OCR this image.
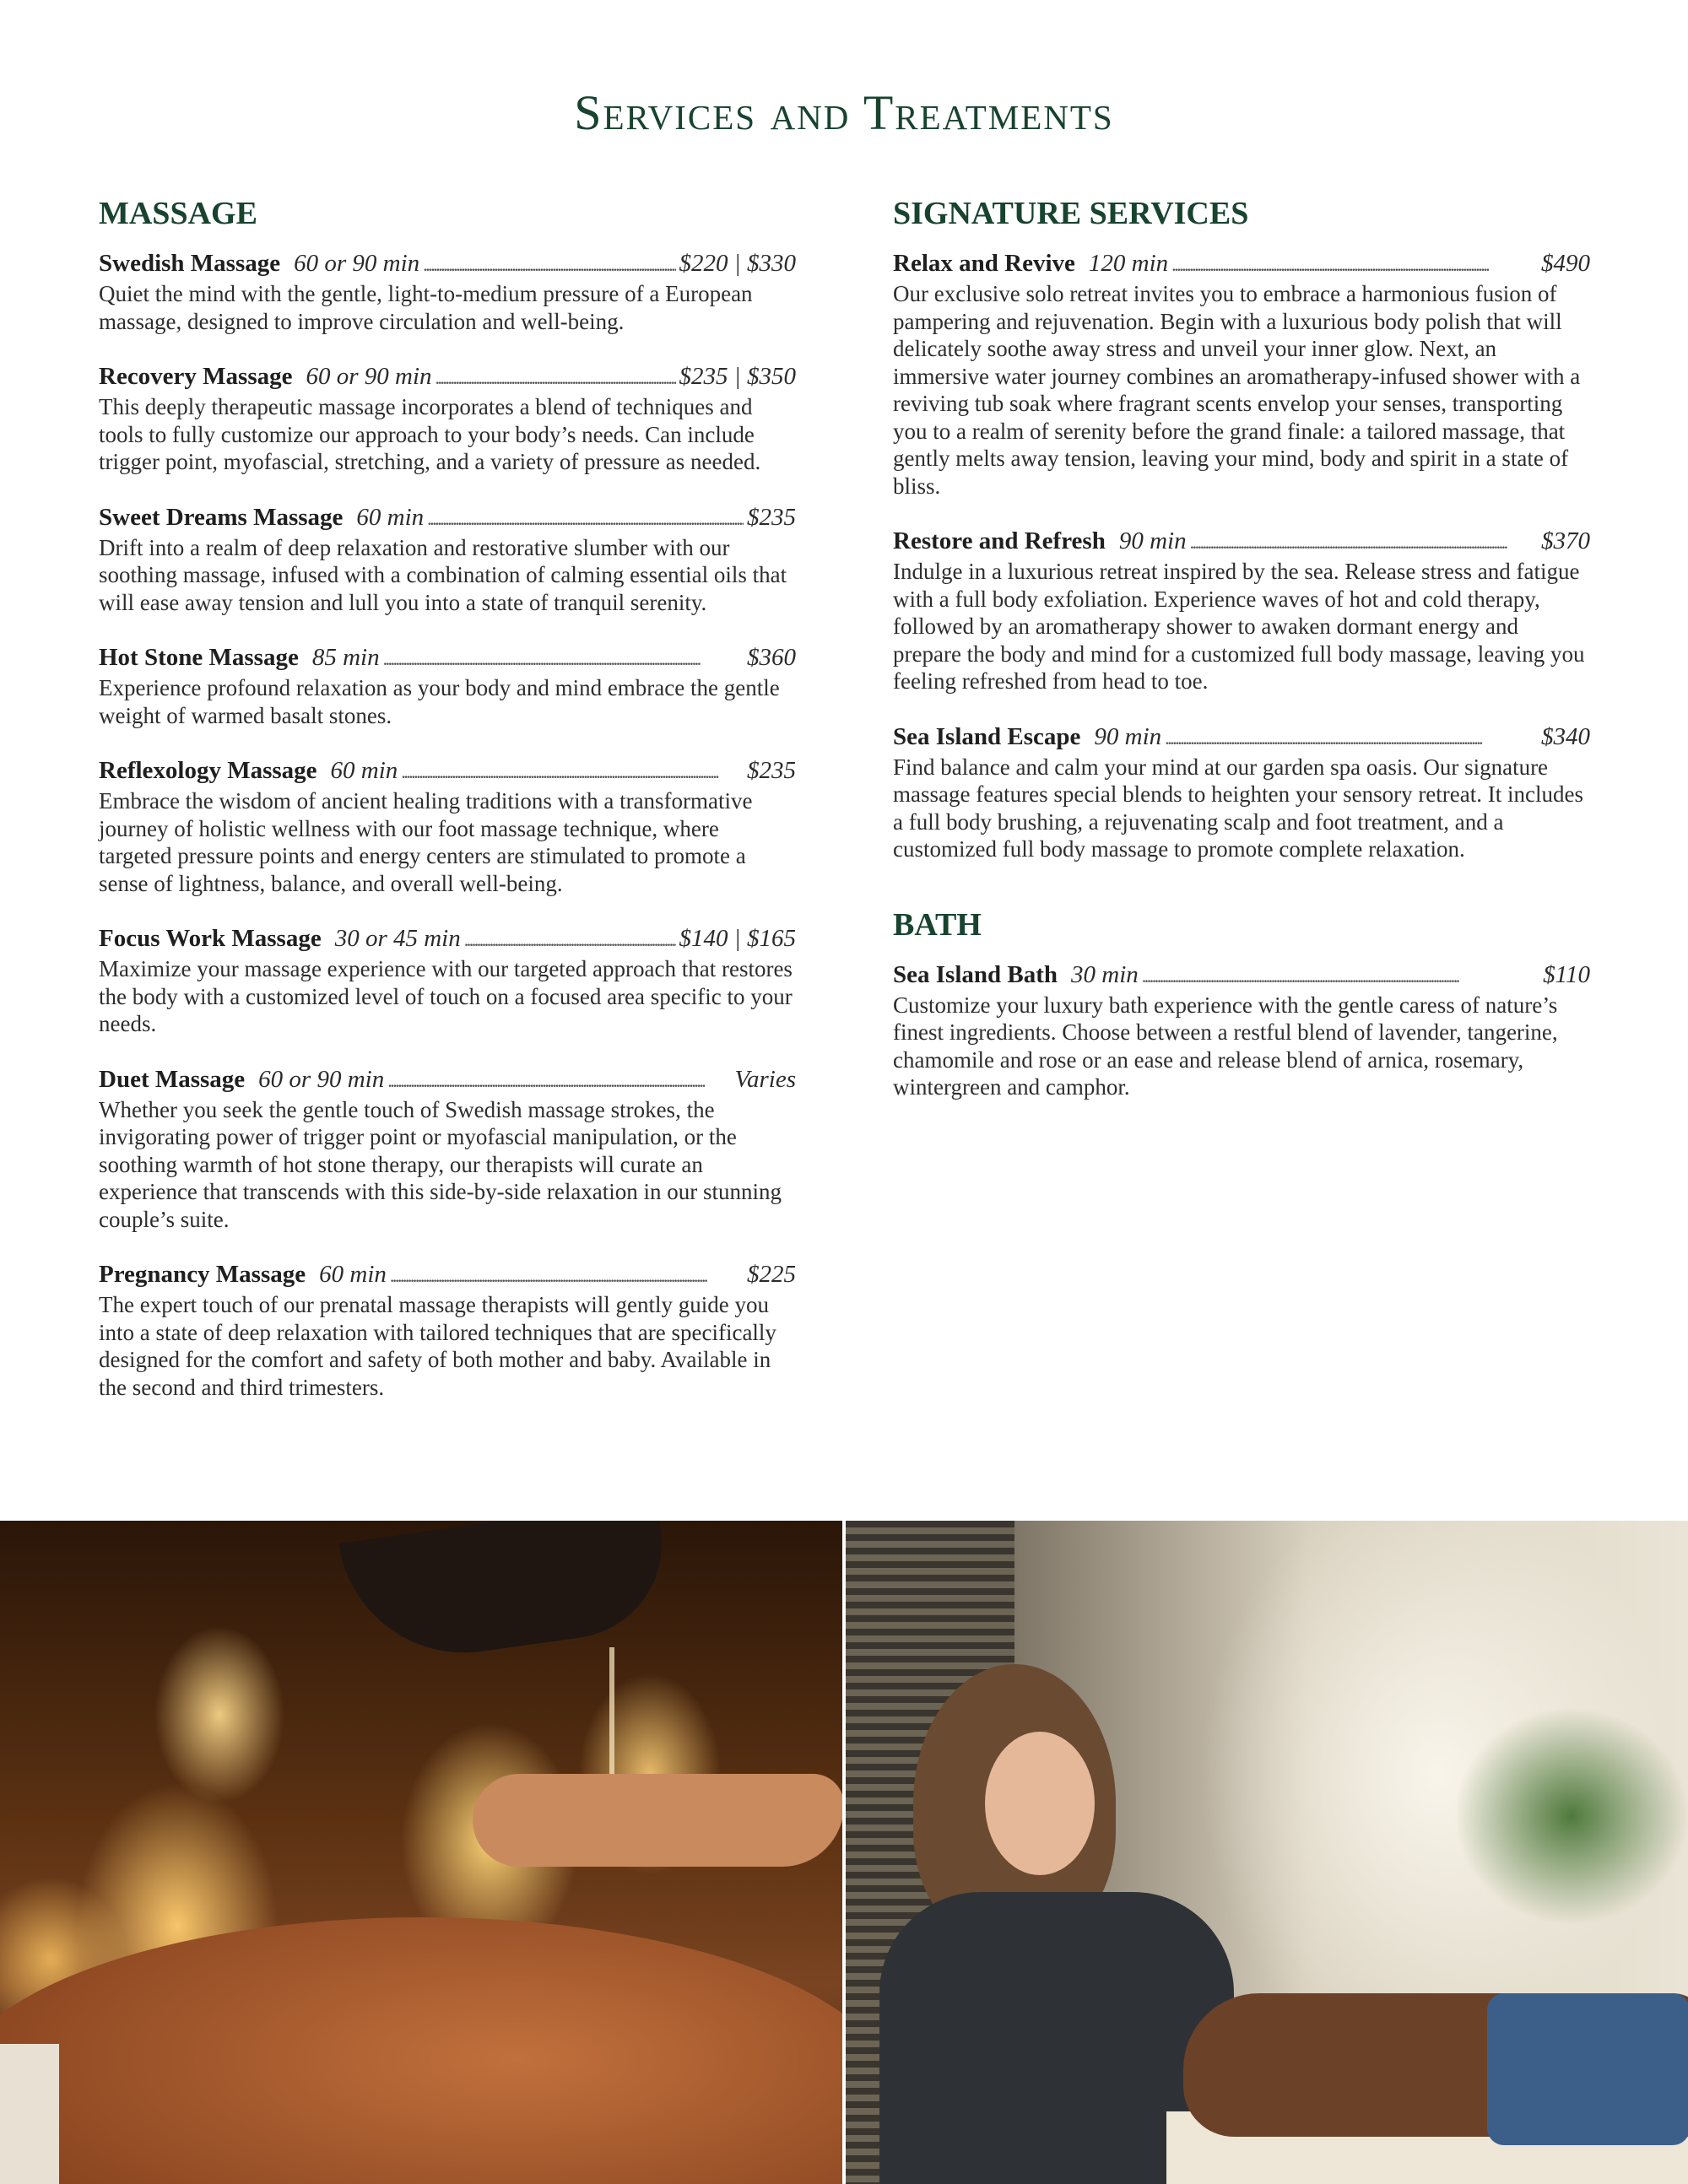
Services and Treatments
MASSAGE
Swedish Massage 60 or 90 min . . .	$220 | $330

Quiet the mind with the gentle, light-to-medium pressure of a European massage, designed to improve circulation and well-being.

Recovery Massage 60 or 90 min . . .	$235 | $350

This deeply therapeutic massage incorporates a blend of techniques and tools to fully customize our approach to your body’s needs. Can include trigger point, myofascial, stretching, and a variety of pressure as needed.

Sweet Dreams Massage 60 min . . .	$235

Drift into a realm of deep relaxation and restorative slumber with our soothing massage, infused with a combination of calming essential oils that will ease away tension and lull you into a state of tranquil serenity.

Hot Stone Massage 85 min . . .	$360

Experience profound relaxation as your body and mind embrace the gentle weight of warmed basalt stones.

Reflexology Massage 60 min . . .	$235

Embrace the wisdom of ancient healing traditions with a transformative journey of holistic wellness with our foot massage technique, where targeted pressure points and energy centers are stimulated to promote a sense of lightness, balance, and overall well-being.

Focus Work Massage 30 or 45 min . . .	$140 | $165

Maximize your massage experience with our targeted approach that restores the body with a customized level of touch on a focused area specific to your needs.

Duet Massage 60 or 90 min . . .	Varies

Whether you seek the gentle touch of Swedish massage strokes, the invigorating power of trigger point or myofascial manipulation, or the soothing warmth of hot stone therapy, our therapists will curate an experience that transcends with this side-by-side relaxation in our stunning couple’s suite.

Pregnancy Massage 60 min . . .	$225

The expert touch of our prenatal massage therapists will gently guide you into a state of deep relaxation with tailored techniques that are specifically designed for the comfort and safety of both mother and baby. Available in the second and third trimesters.

SIGNATURE SERVICES
Relax and Revive 120 min . . .	$490

Our exclusive solo retreat invites you to embrace a harmonious fusion of pampering and rejuvenation. Begin with a luxurious body polish that will delicately soothe away stress and unveil your inner glow. Next, an immersive water journey combines an aromatherapy-infused shower with a reviving tub soak where fragrant scents envelop your senses, transporting you to a realm of serenity before the grand finale: a tailored massage, that gently melts away tension, leaving your mind, body and spirit in a state of bliss.

Restore and Refresh 90 min . . .	$370

Indulge in a luxurious retreat inspired by the sea. Release stress and fatigue with a full body exfoliation. Experience waves of hot and cold therapy, followed by an aromatherapy shower to awaken dormant energy and prepare the body and mind for a customized full body massage, leaving you feeling refreshed from head to toe.

Sea Island Escape 90 min . . .	$340

Find balance and calm your mind at our garden spa oasis. Our signature massage features special blends to heighten your sensory retreat. It includes a full body brushing, a rejuvenating scalp and foot treatment, and a customized full body massage to promote complete relaxation.

BATH
Sea Island Bath 30 min . . .	$110

Customize your luxury bath experience with the gentle caress of nature’s finest ingredients. Choose between a restful blend of lavender, tangerine, chamomile and rose or an ease and release blend of arnica, rosemary, wintergreen and camphor.
